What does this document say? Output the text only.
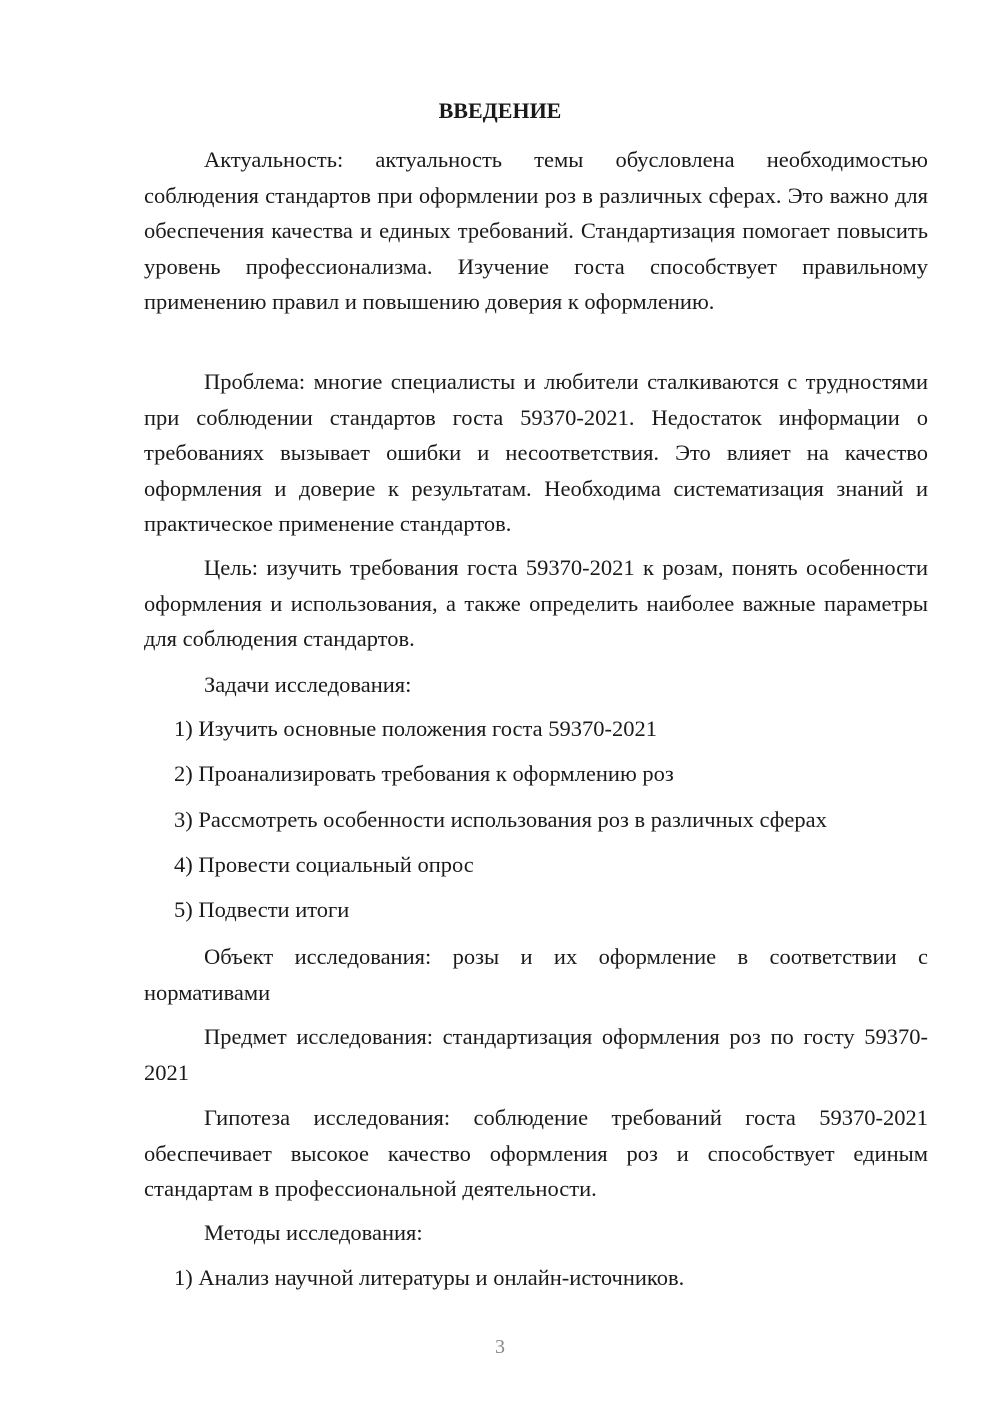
ВВЕДЕНИЕ

Актуальность: актуальность темы обусловлена необходимостью соблюдения стандартов при оформлении роз в различных сферах. Это важно для обеспечения качества и единых требований. Стандартизация помогает повысить уровень профессионализма. Изучение госта способствует правильному применению правил и повышению доверия к оформлению.

Проблема: многие специалисты и любители сталкиваются с трудностями при соблюдении стандартов госта 59370-2021. Недостаток информации о требованиях вызывает ошибки и несоответствия. Это влияет на качество оформления и доверие к результатам. Необходима систематизация знаний и практическое применение стандартов.

Цель: изучить требования госта 59370-2021 к розам, понять особенности оформления и использования, а также определить наиболее важные параметры для соблюдения стандартов.

Задачи исследования:

1) Изучить основные положения госта 59370-2021
2) Проанализировать требования к оформлению роз
3) Рассмотреть особенности использования роз в различных сферах
4) Провести социальный опрос
5) Подвести итоги

Объект исследования: розы и их оформление в соответствии с нормативами

Предмет исследования: стандартизация оформления роз по госту 59370-2021

Гипотеза исследования: соблюдение требований госта 59370-2021 обеспечивает высокое качество оформления роз и способствует единым стандартам в профессиональной деятельности.

Методы исследования:

1) Анализ научной литературы и онлайн-источников.
3
